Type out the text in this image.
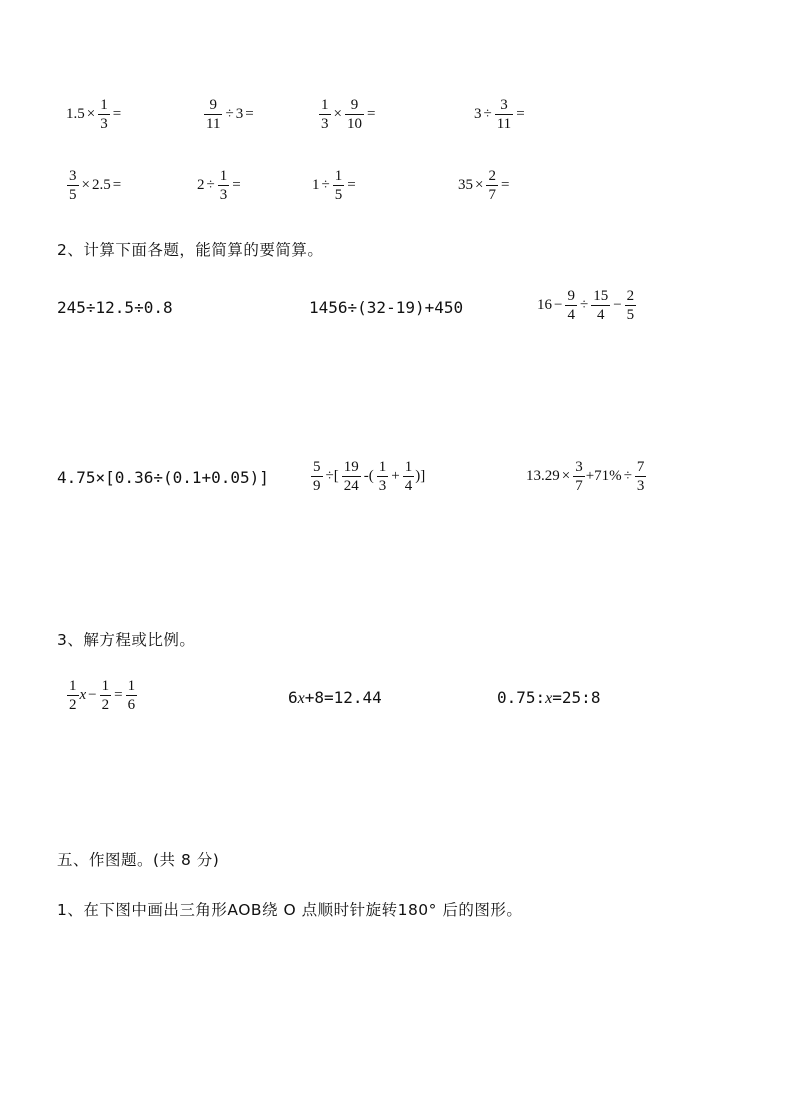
$1.5 \times \frac{1}{3}$ =	$\frac{9}{11} \div 3$ =	$\frac{1}{3} \times \frac{9}{10}$ =	$3 \div \frac{3}{11}$ =
$\frac{3}{5} \times 2.5$ =	$2 \div \frac{1}{3}$ =	$1 \div \frac{1}{5}$ =	$35 \times \frac{2}{7}$ =
2、计算下面各题，能简算的要简算。
245÷12.5÷0.8	1456÷(32-19)+450	$16 - \frac{9}{4} \div \frac{15}{4} - \frac{2}{5}$
4.75×[0.36÷(0.1+0.05)]	$\frac{5}{9}$ ÷[ $\frac{19}{24}$ -( $\frac{1}{3} + \frac{1}{4}$ )]	$13.29 \times \frac{3}{7} +71\% \div \frac{7}{3}$
3、解方程或比例。
$\frac{1}{2}$ $x - \frac{1}{2} = \frac{1}{6}$	6x+8=12.44	0.75:x=25:8
五、作图题。(共 8 分)
1、在下图中画出三角形AOB绕 O 点顺时针旋转180° 后的图形。
